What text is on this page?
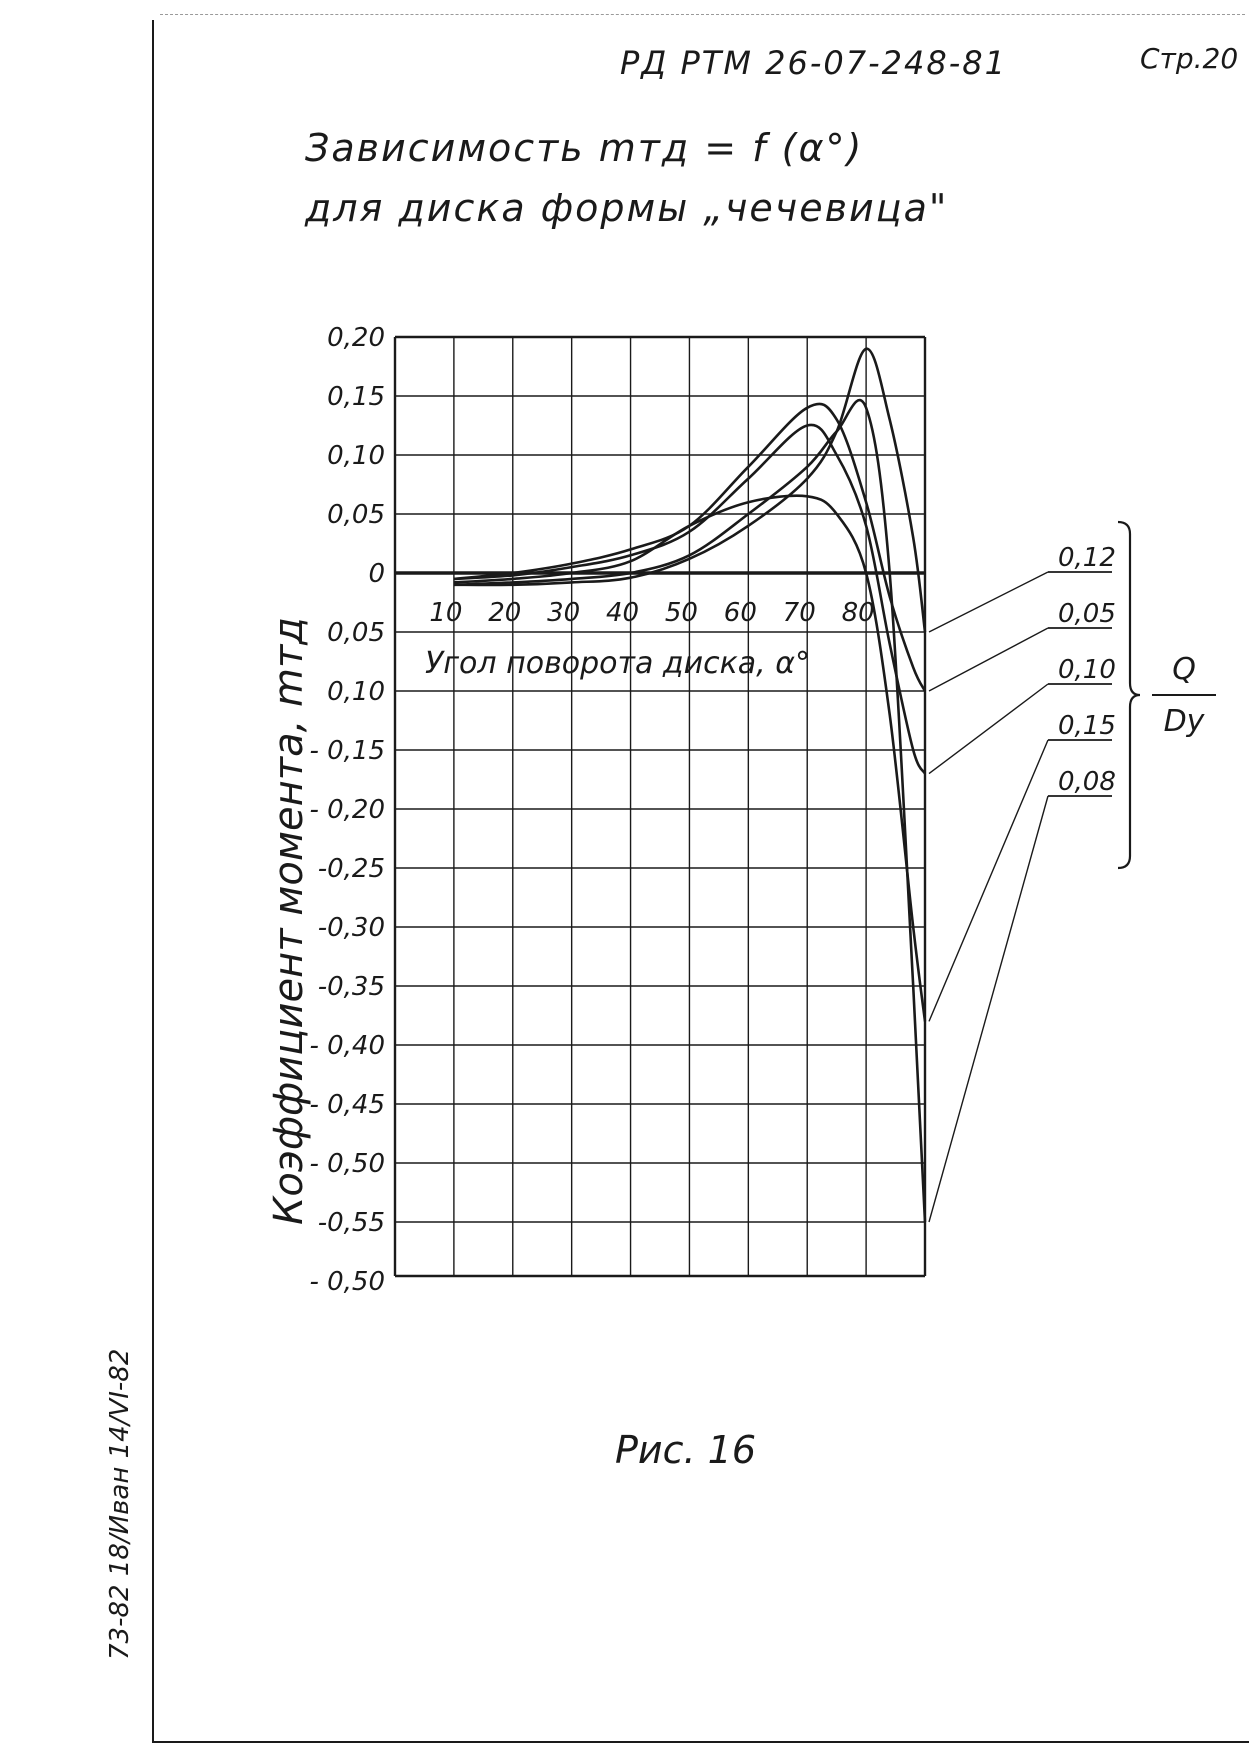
РД РТМ 26-07-248-81	Стр.20
Зависимость mтд = f (α°)
для диска формы „чечевица"
10 20 30 40 50 60 70 80
0,20
0,15
0,10
0,05
0
0,05
0,10
- 0,15
- 0,20
-0,25
-0,30
-0,35
- 0,40
- 0,45
- 0,50
-0,55
- 0,50
Угол поворота диска, α°
Коэффициент момента, mтд
0,12
0,05
0,10
0,15
0,08
Q
Dy
Рис. 16
73-82 18/Иван 14/VI-82
